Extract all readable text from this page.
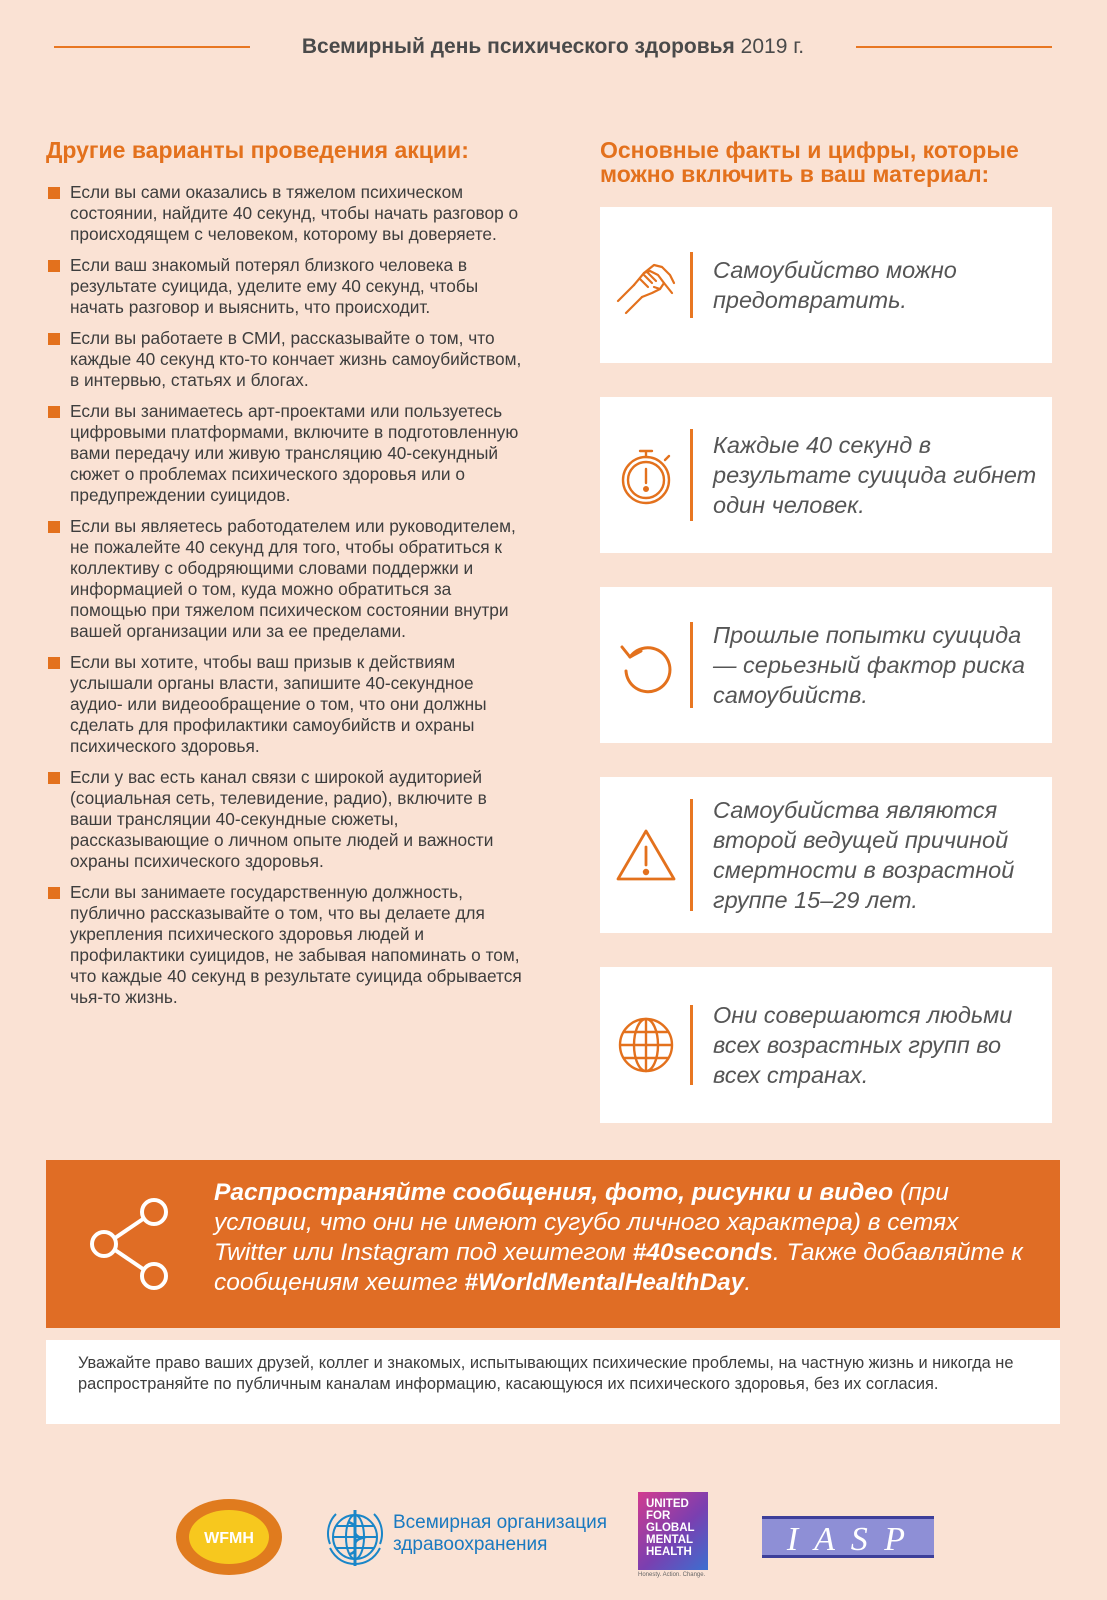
Всемирный день психического здоровья 2019 г.
Другие варианты проведения акции:
Если вы сами оказались в тяжелом психическом состоянии, найдите 40 секунд, чтобы начать разговор о происходящем с человеком, которому вы доверяете.
Если ваш знакомый потерял близкого человека в результате суицида, уделите ему 40 секунд, чтобы начать разговор и выяснить, что происходит.
Если вы работаете в СМИ, рассказывайте о том, что каждые 40 секунд кто-то кончает жизнь самоубийством, в интервью, статьях и блогах.
Если вы занимаетесь арт-проектами или пользуетесь цифровыми платформами, включите в подготовленную вами передачу или живую трансляцию 40-секундный сюжет о проблемах психического здоровья или о предупреждении суицидов.
Если вы являетесь работодателем или руководителем, не пожалейте 40 секунд для того, чтобы обратиться к коллективу с ободряющими словами поддержки и информацией о том, куда можно обратиться за помощью при тяжелом психическом состоянии внутри вашей организации или за ее пределами.
Если вы хотите, чтобы ваш призыв к действиям услышали органы власти, запишите 40-секундное аудио- или видеообращение о том, что они должны сделать для профилактики самоубийств и охраны психического здоровья.
Если у вас есть канал связи с широкой аудиторией (социальная сеть, телевидение, радио), включите в ваши трансляции 40-секундные сюжеты, рассказывающие о личном опыте людей и важности охраны психического здоровья.
Если вы занимаете государственную должность, публично рассказывайте о том, что вы делаете для укрепления психического здоровья людей и профилактики суицидов, не забывая напоминать о том, что каждые 40 секунд в результате суицида обрывается чья-то жизнь.
Основные факты и цифры, которые можно включить в ваш материал:
Самоубийство можно предотвратить.
Каждые 40 секунд в результате суицида гибнет один человек.
Прошлые попытки суицида — серьезный фактор риска самоубийств.
Самоубийства являются второй ведущей причиной смертности в возрастной группе 15–29 лет.
Они совершаются людьми всех возрастных групп во всех странах.
Распространяйте сообщения, фото, рисунки и видео (при условии, что они не имеют сугубо личного характера) в сетях Twitter или Instagram под хештегом #40seconds. Также добавляйте к сообщениям хештег #WorldMentalHealthDay.

Уважайте право ваших друзей, коллег и знакомых, испытывающих психические проблемы, на частную жизнь и никогда не распространяйте по публичным каналам информацию, касающуюся их психического здоровья, без их согласия.

WFMH
Всемирная организация
здравоохранения
UNITED
FOR
GLOBAL
MENTAL
HEALTH
Honesty. Action. Change.
I A S P
